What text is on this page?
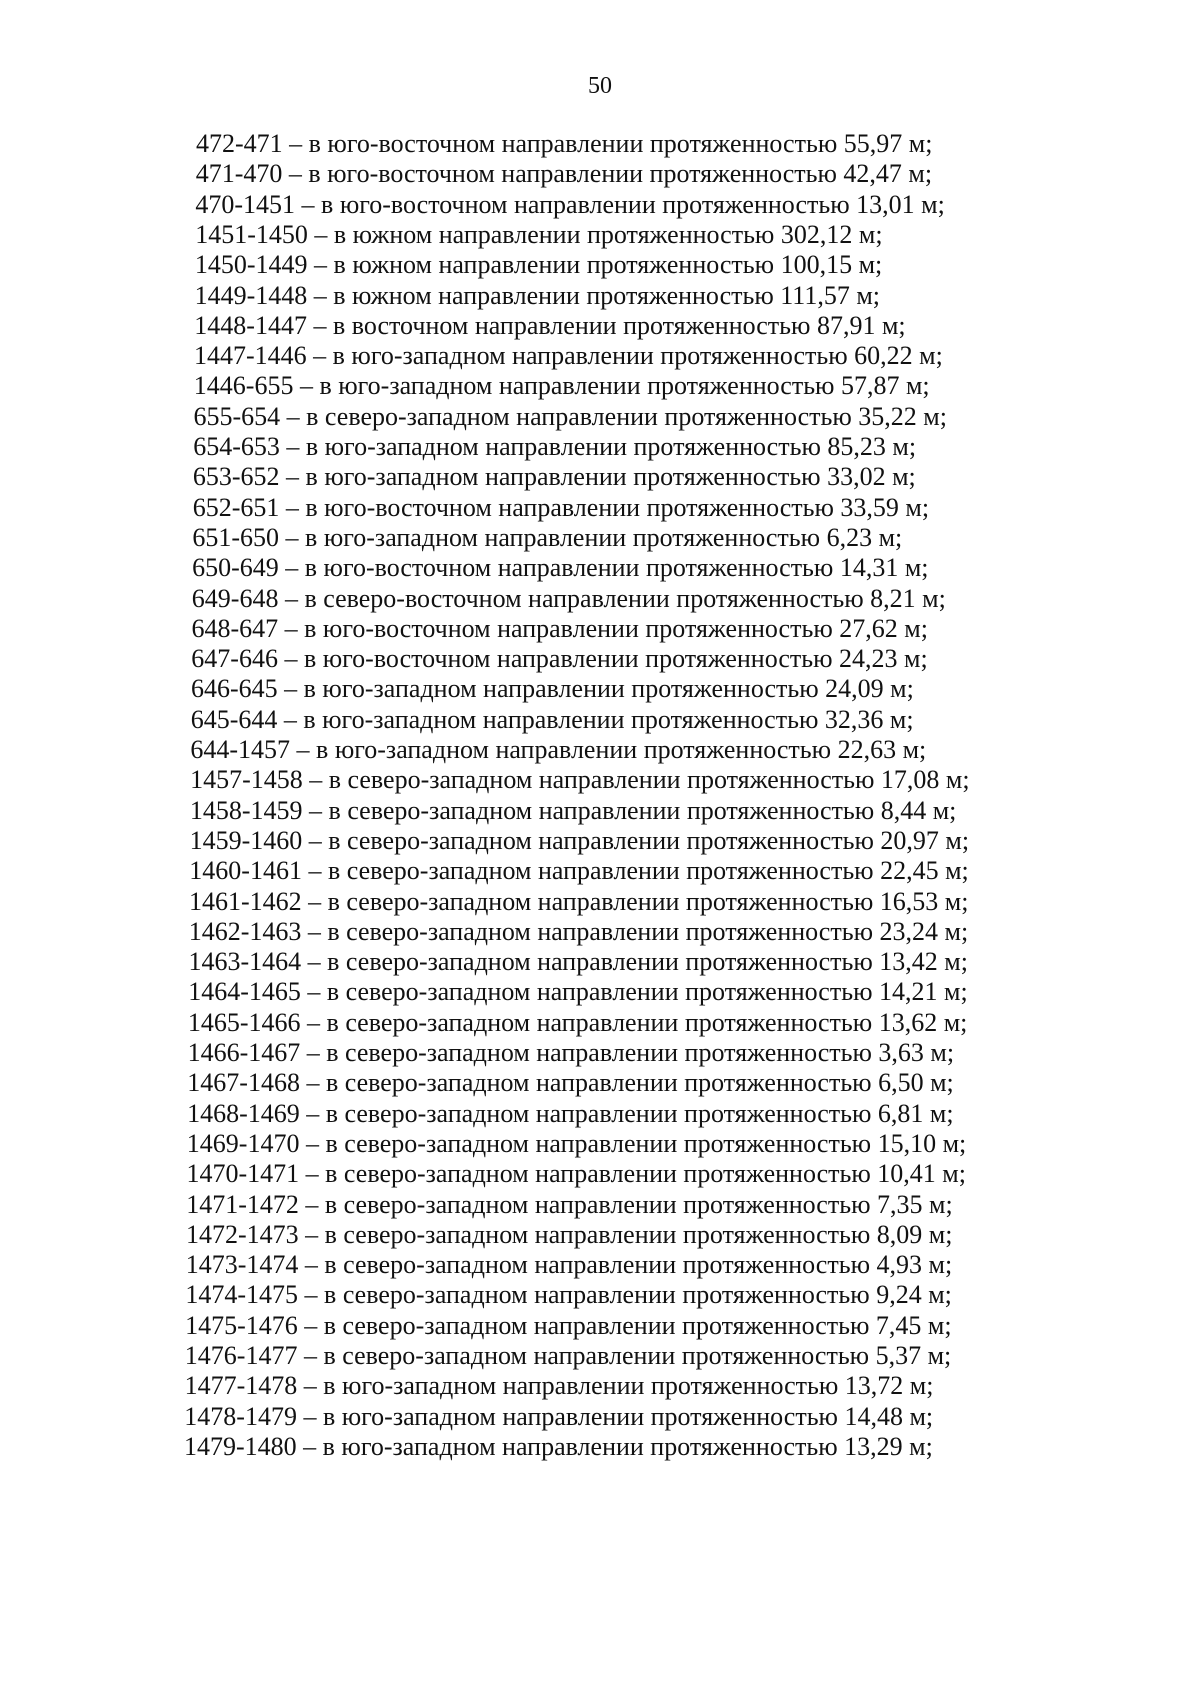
50
472-471 – в юго-восточном направлении протяженностью 55,97 м;
471-470 – в юго-восточном направлении протяженностью 42,47 м;
470-1451 – в юго-восточном направлении протяженностью 13,01 м;
1451-1450 – в южном направлении протяженностью 302,12 м;
1450-1449 – в южном направлении протяженностью 100,15 м;
1449-1448 – в южном направлении протяженностью 111,57 м;
1448-1447 – в восточном направлении протяженностью 87,91 м;
1447-1446 – в юго-западном направлении протяженностью 60,22 м;
1446-655 – в юго-западном направлении протяженностью 57,87 м;
655-654 – в северо-западном направлении протяженностью 35,22 м;
654-653 – в юго-западном направлении протяженностью 85,23 м;
653-652 – в юго-западном направлении протяженностью 33,02 м;
652-651 – в юго-восточном направлении протяженностью 33,59 м;
651-650 – в юго-западном направлении протяженностью 6,23 м;
650-649 – в юго-восточном направлении протяженностью 14,31 м;
649-648 – в северо-восточном направлении протяженностью 8,21 м;
648-647 – в юго-восточном направлении протяженностью 27,62 м;
647-646 – в юго-восточном направлении протяженностью 24,23 м;
646-645 – в юго-западном направлении протяженностью 24,09 м;
645-644 – в юго-западном направлении протяженностью 32,36 м;
644-1457 – в юго-западном направлении протяженностью 22,63 м;
1457-1458 – в северо-западном направлении протяженностью 17,08 м;
1458-1459 – в северо-западном направлении протяженностью 8,44 м;
1459-1460 – в северо-западном направлении протяженностью 20,97 м;
1460-1461 – в северо-западном направлении протяженностью 22,45 м;
1461-1462 – в северо-западном направлении протяженностью 16,53 м;
1462-1463 – в северо-западном направлении протяженностью 23,24 м;
1463-1464 – в северо-западном направлении протяженностью 13,42 м;
1464-1465 – в северо-западном направлении протяженностью 14,21 м;
1465-1466 – в северо-западном направлении протяженностью 13,62 м;
1466-1467 – в северо-западном направлении протяженностью 3,63 м;
1467-1468 – в северо-западном направлении протяженностью 6,50 м;
1468-1469 – в северо-западном направлении протяженностью 6,81 м;
1469-1470 – в северо-западном направлении протяженностью 15,10 м;
1470-1471 – в северо-западном направлении протяженностью 10,41 м;
1471-1472 – в северо-западном направлении протяженностью 7,35 м;
1472-1473 – в северо-западном направлении протяженностью 8,09 м;
1473-1474 – в северо-западном направлении протяженностью 4,93 м;
1474-1475 – в северо-западном направлении протяженностью 9,24 м;
1475-1476 – в северо-западном направлении протяженностью 7,45 м;
1476-1477 – в северо-западном направлении протяженностью 5,37 м;
1477-1478 – в юго-западном направлении протяженностью 13,72 м;
1478-1479 – в юго-западном направлении протяженностью 14,48 м;
1479-1480 – в юго-западном направлении протяженностью 13,29 м;
